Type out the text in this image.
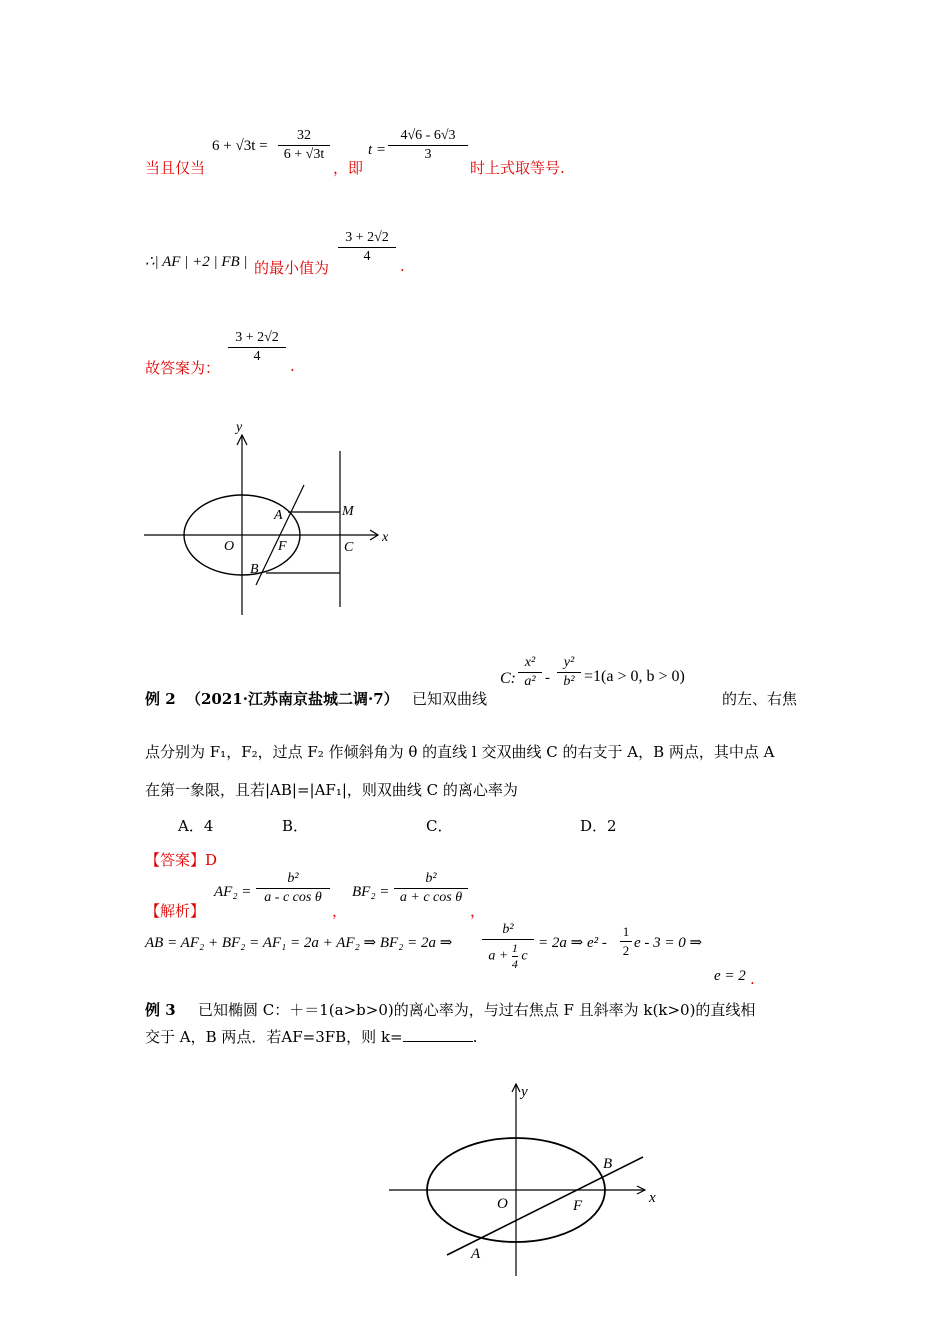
当且仅当
6 + √3t =
32
6 + √3t
，即
t =
4√6 - 6√3
3
时上式取等号.
∴| AF | +2 | FB | 的最小值为
3 + 2√2
4
.
故答案为：
3 + 2√2
4
.
y
x
O	F	C
A	M
B
例 2 （2021·江苏南京盐城二调·7） 已知双曲线
C:
x²
a² -
y²
b² =1(a > 0, b > 0)
的左、右焦
点分别为 F₁，F₂，过点 F₂ 作倾斜角为 θ 的直线 l 交双曲线 C 的右支于 A，B 两点，其中点 A
在第一象限，且若|AB|=|AF₁|，则双曲线 C 的离心率为
A．4	B．	C．	D．2
【答案】D
【解析】
AF₂ =
b²
a - c cos θ
，
BF₂ =
b²
a + c cos θ
，
AB = AF₂ + BF₂ = AF₁ = 2a + AF₂ ⇒ BF₂ = 2a ⇒
b²
$a + \frac{1}{4}$ c
= 2a ⇒ e² -
1
2 e - 3 = 0 ⇒
e = 2 .
例 3 已知椭圆 C：＋＝1(a>b>0)的离心率为，与过右焦点 F 且斜率为 k(k>0)的直线相
交于 A，B 两点．若AF=3FB，则 k=	.
y
x
O	F
B
A
